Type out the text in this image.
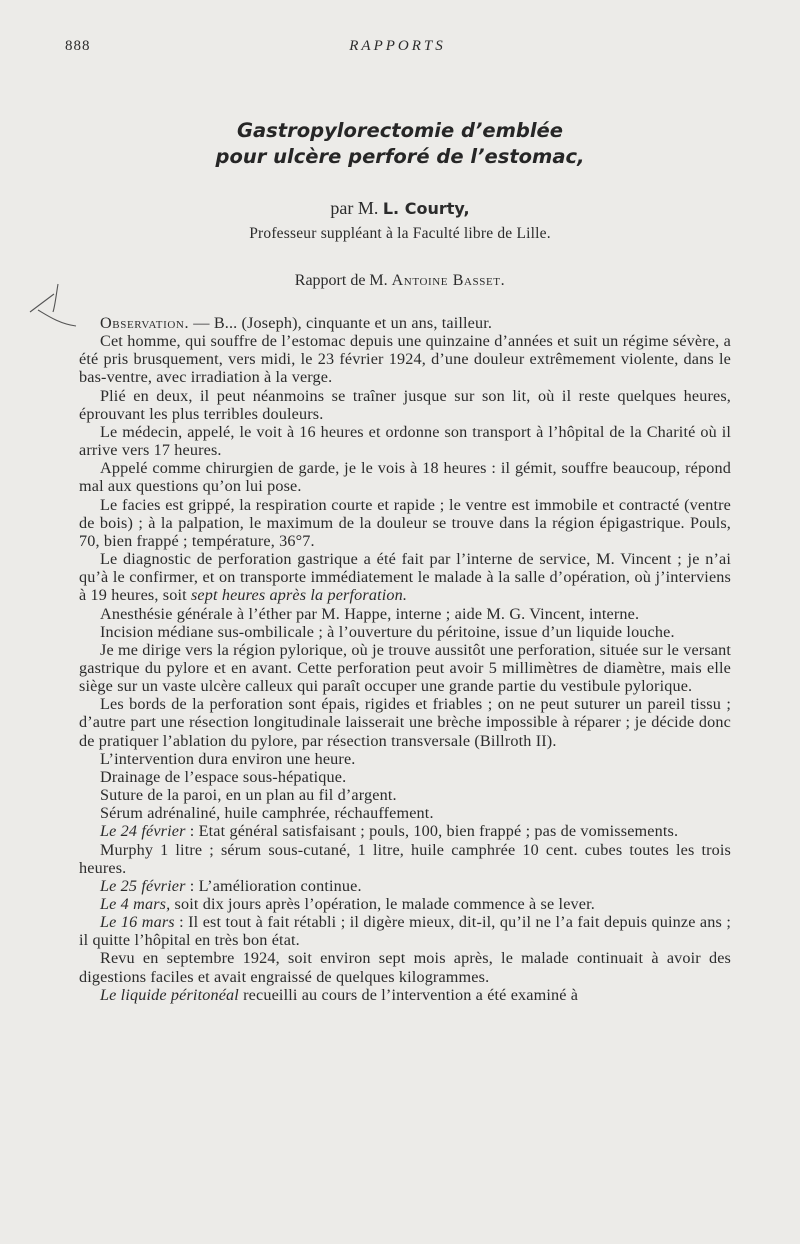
888	RAPPORTS
Gastropylorectomie d’emblée
pour ulcère perforé de l’estomac,
par M. L. Courty,
Professeur suppléant à la Faculté libre de Lille.
Rapport de M. Antoine Basset.

Observation. — B... (Joseph), cinquante et un ans, tailleur.

Cet homme, qui souffre de l’estomac depuis une quinzaine d’années et suit un régime sévère, a été pris brusquement, vers midi, le 23 février 1924, d’une douleur extrêmement violente, dans le bas-ventre, avec irradiation à la verge.

Plié en deux, il peut néanmoins se traîner jusque sur son lit, où il reste quelques heures, éprouvant les plus terribles douleurs.

Le médecin, appelé, le voit à 16 heures et ordonne son transport à l’hôpital de la Charité où il arrive vers 17 heures.

Appelé comme chirurgien de garde, je le vois à 18 heures : il gémit, souffre beaucoup, répond mal aux questions qu’on lui pose.

Le facies est grippé, la respiration courte et rapide ; le ventre est immobile et contracté (ventre de bois) ; à la palpation, le maximum de la douleur se trouve dans la région épigastrique. Pouls, 70, bien frappé ; température, 36°7.

Le diagnostic de perforation gastrique a été fait par l’interne de service, M. Vincent ; je n’ai qu’à le confirmer, et on transporte immédiatement le malade à la salle d’opération, où j’interviens à 19 heures, soit sept heures après la perforation.

Anesthésie générale à l’éther par M. Happe, interne ; aide M. G. Vincent, interne.

Incision médiane sus-ombilicale ; à l’ouverture du péritoine, issue d’un liquide louche.

Je me dirige vers la région pylorique, où je trouve aussitôt une perforation, située sur le versant gastrique du pylore et en avant. Cette perforation peut avoir 5 millimètres de diamètre, mais elle siège sur un vaste ulcère calleux qui paraît occuper une grande partie du vestibule pylorique.

Les bords de la perforation sont épais, rigides et friables ; on ne peut suturer un pareil tissu ; d’autre part une résection longitudinale laisserait une brèche impossible à réparer ; je décide donc de pratiquer l’ablation du pylore, par résection transversale (Billroth II).

L’intervention dura environ une heure.

Drainage de l’espace sous-hépatique.

Suture de la paroi, en un plan au fil d’argent.

Sérum adrénaliné, huile camphrée, réchauffement.

Le 24 février : Etat général satisfaisant ; pouls, 100, bien frappé ; pas de vomissements.

Murphy 1 litre ; sérum sous-cutané, 1 litre, huile camphrée 10 cent. cubes toutes les trois heures.

Le 25 février : L’amélioration continue.

Le 4 mars, soit dix jours après l’opération, le malade commence à se lever.

Le 16 mars : Il est tout à fait rétabli ; il digère mieux, dit-il, qu’il ne l’a fait depuis quinze ans ; il quitte l’hôpital en très bon état.

Revu en septembre 1924, soit environ sept mois après, le malade continuait à avoir des digestions faciles et avait engraissé de quelques kilogrammes.

Le liquide péritonéal recueilli au cours de l’intervention a été examiné à
